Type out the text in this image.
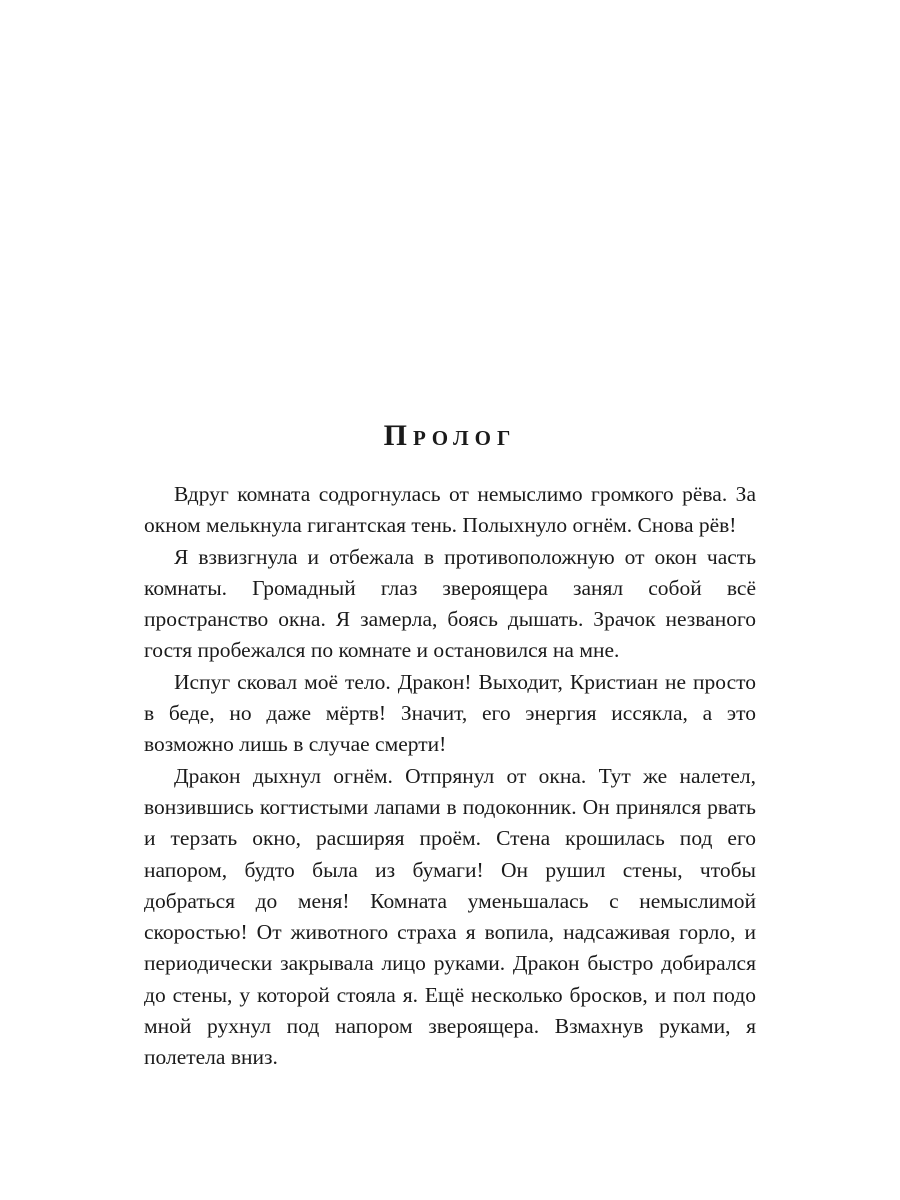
Пролог

Вдруг комната содрогнулась от немыслимо громкого рёва. За окном мелькнула гигантская тень. Полыхнуло огнём. Снова рёв!

Я взвизгнула и отбежала в противоположную от окон часть комнаты. Громадный глаз звероящера занял собой всё пространство окна. Я замерла, боясь дышать. Зрачок незваного гостя пробежался по комнате и остановился на мне.

Испуг сковал моё тело. Дракон! Выходит, Кристиан не просто в беде, но даже мёртв! Значит, его энергия иссякла, а это возможно лишь в случае смерти!

Дракон дыхнул огнём. Отпрянул от окна. Тут же налетел, вонзившись когтистыми лапами в подоконник. Он принялся рвать и терзать окно, расширяя проём. Стена крошилась под его напором, будто была из бумаги! Он рушил стены, чтобы добраться до меня! Комната уменьшалась с немыслимой скоростью! От животного страха я вопила, надсаживая горло, и периодически закрывала лицо руками. Дракон быстро добирался до стены, у которой стояла я. Ещё несколько бросков, и пол подо мной рухнул под напором звероящера. Взмахнув руками, я полетела вниз.
